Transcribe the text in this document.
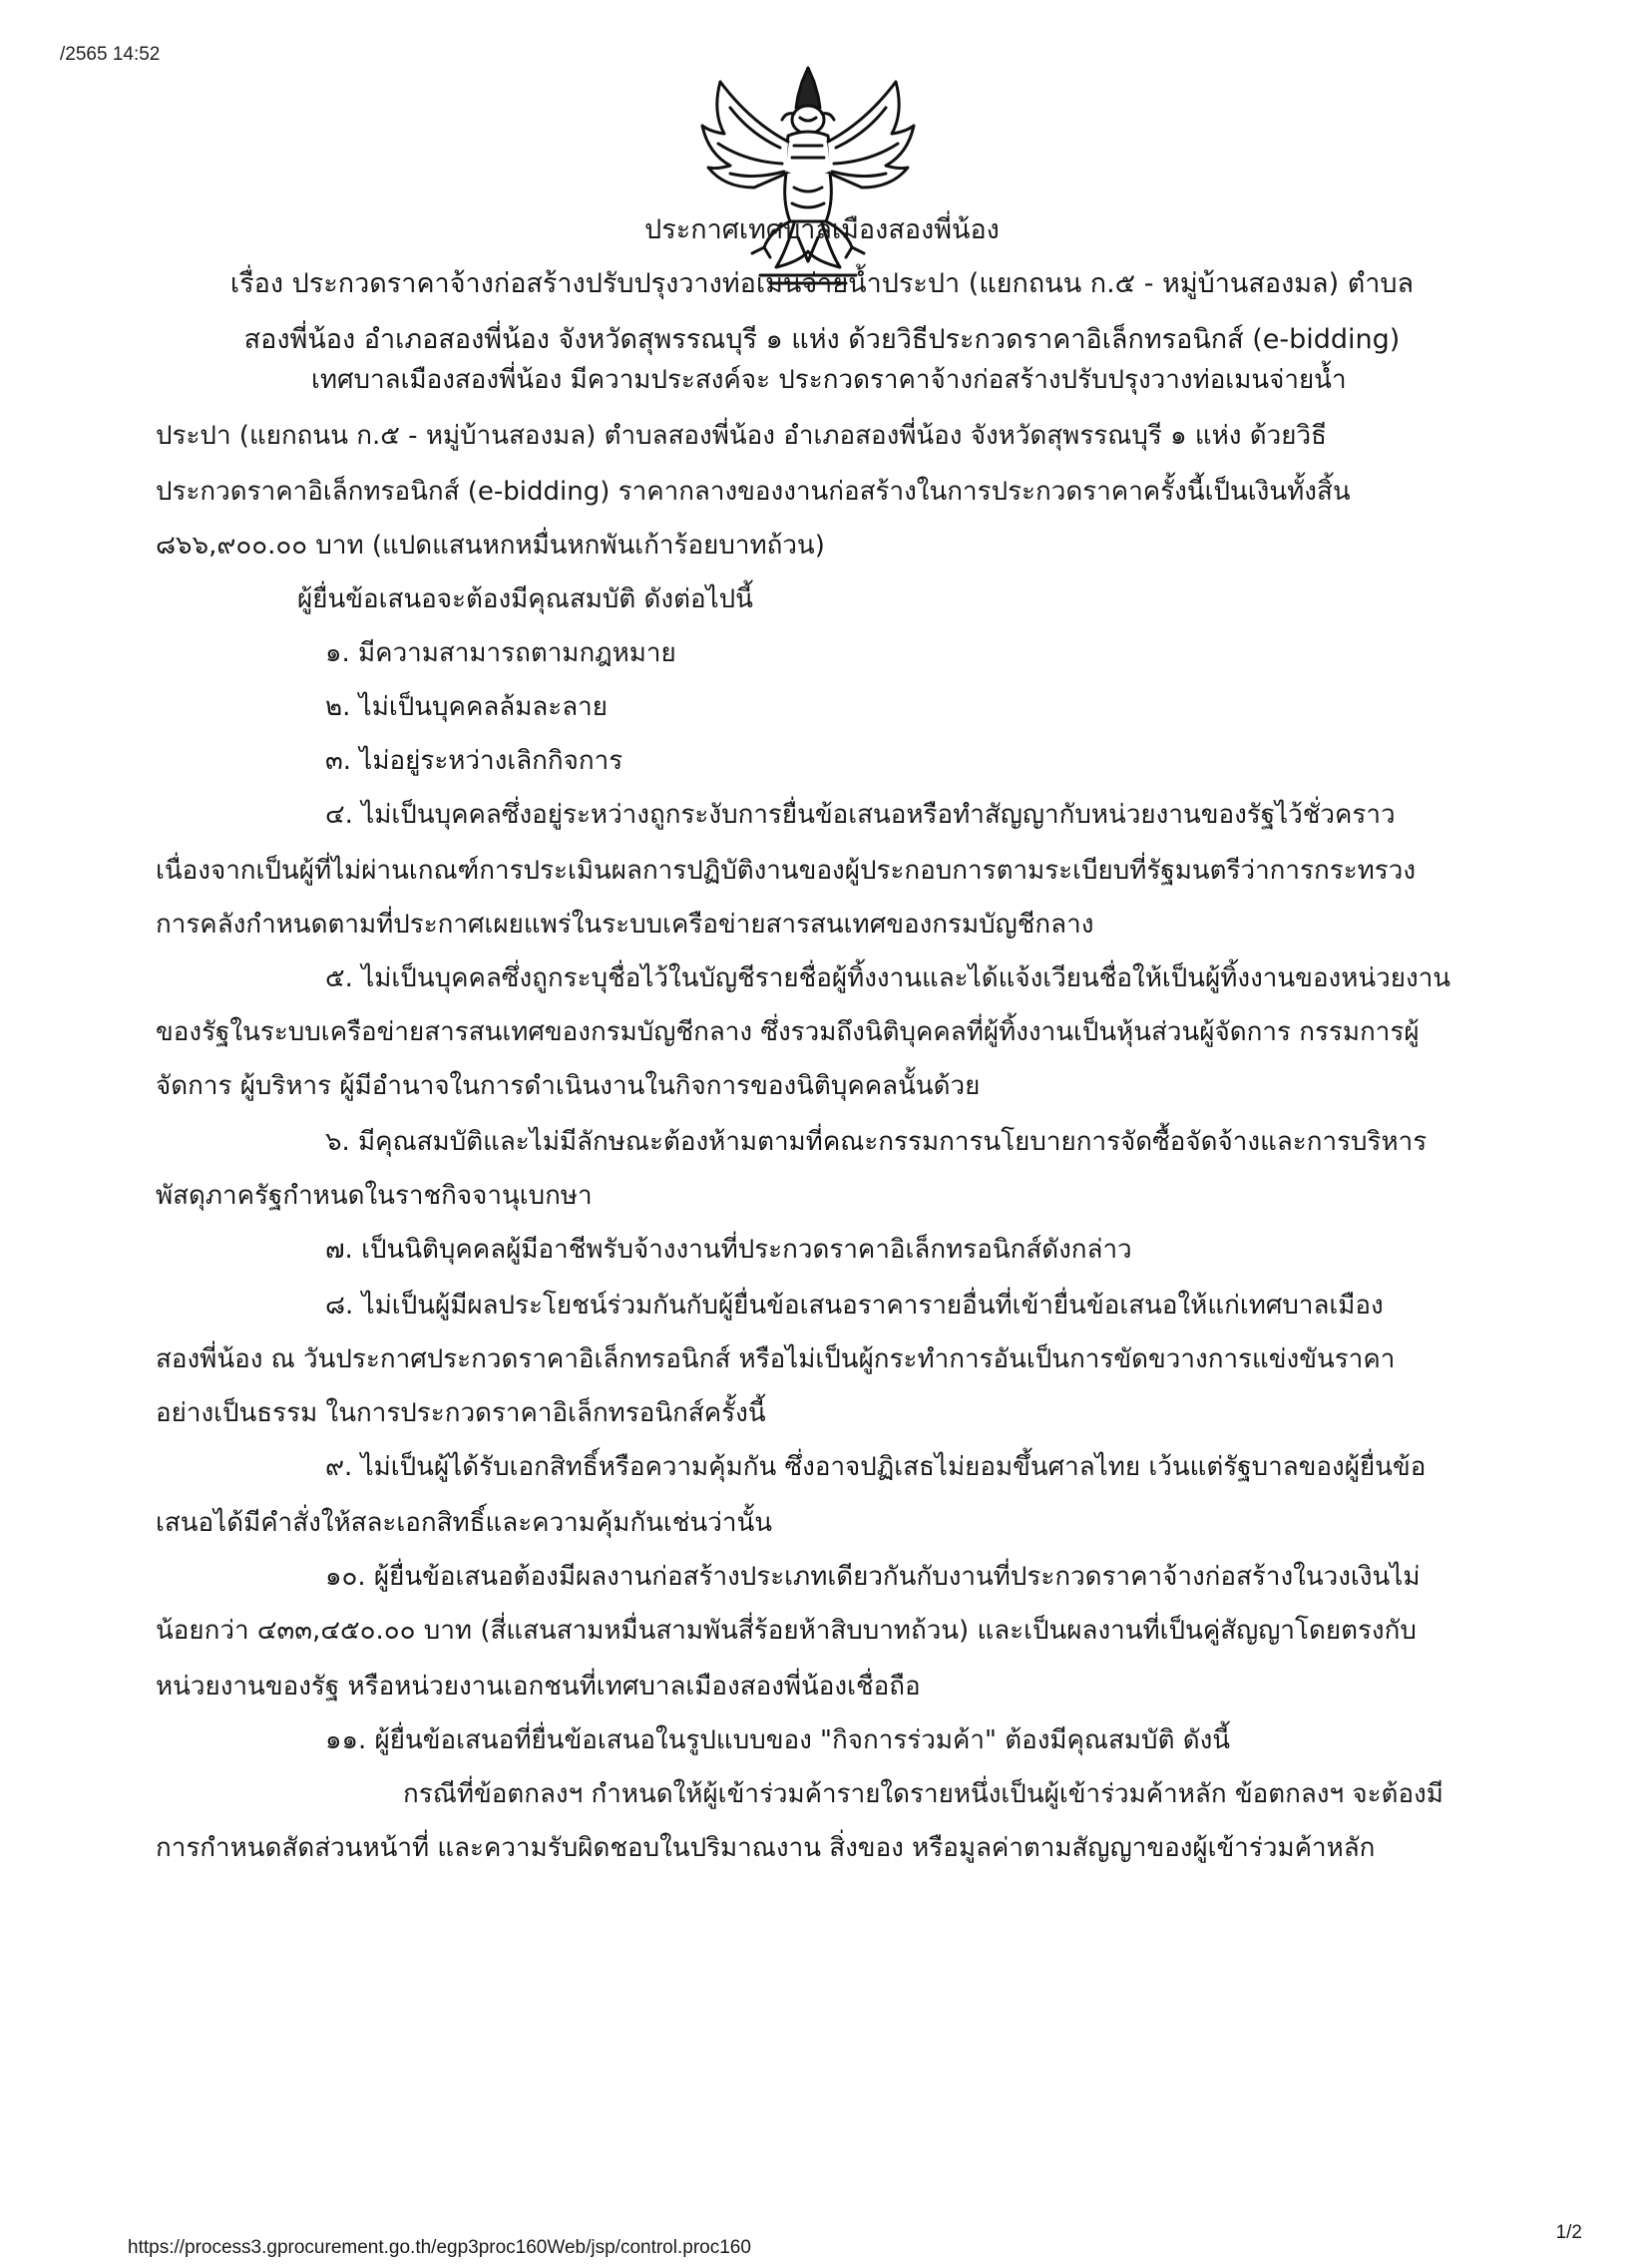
/2565 14:52
ประกาศเทศบาลเมืองสองพี่น้อง
เรื่อง ประกวดราคาจ้างก่อสร้างปรับปรุงวางท่อเมนจ่ายน้ำประปา (แยกถนน ก.๕ - หมู่บ้านสองมล) ตำบล
สองพี่น้อง อำเภอสองพี่น้อง จังหวัดสุพรรณบุรี ๑ แห่ง ด้วยวิธีประกวดราคาอิเล็กทรอนิกส์ (e-bidding)
เทศบาลเมืองสองพี่น้อง มีความประสงค์จะ ประกวดราคาจ้างก่อสร้างปรับปรุงวางท่อเมนจ่ายน้ำ
ประปา (แยกถนน ก.๕ - หมู่บ้านสองมล) ตำบลสองพี่น้อง อำเภอสองพี่น้อง จังหวัดสุพรรณบุรี ๑ แห่ง ด้วยวิธี
ประกวดราคาอิเล็กทรอนิกส์ (e-bidding) ราคากลางของงานก่อสร้างในการประกวดราคาครั้งนี้เป็นเงินทั้งสิ้น
๘๖๖,๙๐๐.๐๐ บาท (แปดแสนหกหมื่นหกพันเก้าร้อยบาทถ้วน)
ผู้ยื่นข้อเสนอจะต้องมีคุณสมบัติ ดังต่อไปนี้
๑. มีความสามารถตามกฎหมาย
๒. ไม่เป็นบุคคลล้มละลาย
๓. ไม่อยู่ระหว่างเลิกกิจการ
๔. ไม่เป็นบุคคลซึ่งอยู่ระหว่างถูกระงับการยื่นข้อเสนอหรือทำสัญญากับหน่วยงานของรัฐไว้ชั่วคราว
เนื่องจากเป็นผู้ที่ไม่ผ่านเกณฑ์การประเมินผลการปฏิบัติงานของผู้ประกอบการตามระเบียบที่รัฐมนตรีว่าการกระทรวง
การคลังกำหนดตามที่ประกาศเผยแพร่ในระบบเครือข่ายสารสนเทศของกรมบัญชีกลาง
๕. ไม่เป็นบุคคลซึ่งถูกระบุชื่อไว้ในบัญชีรายชื่อผู้ทิ้งงานและได้แจ้งเวียนชื่อให้เป็นผู้ทิ้งงานของหน่วยงาน
ของรัฐในระบบเครือข่ายสารสนเทศของกรมบัญชีกลาง ซึ่งรวมถึงนิติบุคคลที่ผู้ทิ้งงานเป็นหุ้นส่วนผู้จัดการ กรรมการผู้
จัดการ ผู้บริหาร ผู้มีอำนาจในการดำเนินงานในกิจการของนิติบุคคลนั้นด้วย
๖. มีคุณสมบัติและไม่มีลักษณะต้องห้ามตามที่คณะกรรมการนโยบายการจัดซื้อจัดจ้างและการบริหาร
พัสดุภาครัฐกำหนดในราชกิจจานุเบกษา
๗. เป็นนิติบุคคลผู้มีอาชีพรับจ้างงานที่ประกวดราคาอิเล็กทรอนิกส์ดังกล่าว
๘. ไม่เป็นผู้มีผลประโยชน์ร่วมกันกับผู้ยื่นข้อเสนอราคารายอื่นที่เข้ายื่นข้อเสนอให้แก่เทศบาลเมือง
สองพี่น้อง ณ วันประกาศประกวดราคาอิเล็กทรอนิกส์ หรือไม่เป็นผู้กระทำการอันเป็นการขัดขวางการแข่งขันราคา
อย่างเป็นธรรม ในการประกวดราคาอิเล็กทรอนิกส์ครั้งนี้
๙. ไม่เป็นผู้ได้รับเอกสิทธิ์หรือความคุ้มกัน ซึ่งอาจปฏิเสธไม่ยอมขึ้นศาลไทย เว้นแต่รัฐบาลของผู้ยื่นข้อ
เสนอได้มีคำสั่งให้สละเอกสิทธิ์และความคุ้มกันเช่นว่านั้น
๑๐. ผู้ยื่นข้อเสนอต้องมีผลงานก่อสร้างประเภทเดียวกันกับงานที่ประกวดราคาจ้างก่อสร้างในวงเงินไม่
น้อยกว่า ๔๓๓,๔๕๐.๐๐ บาท (สี่แสนสามหมื่นสามพันสี่ร้อยห้าสิบบาทถ้วน) และเป็นผลงานที่เป็นคู่สัญญาโดยตรงกับ
หน่วยงานของรัฐ หรือหน่วยงานเอกชนที่เทศบาลเมืองสองพี่น้องเชื่อถือ
๑๑. ผู้ยื่นข้อเสนอที่ยื่นข้อเสนอในรูปแบบของ "กิจการร่วมค้า" ต้องมีคุณสมบัติ ดังนี้
กรณีที่ข้อตกลงฯ กำหนดให้ผู้เข้าร่วมค้ารายใดรายหนึ่งเป็นผู้เข้าร่วมค้าหลัก ข้อตกลงฯ จะต้องมี
การกำหนดสัดส่วนหน้าที่ และความรับผิดชอบในปริมาณงาน สิ่งของ หรือมูลค่าตามสัญญาของผู้เข้าร่วมค้าหลัก
1/2
https://process3.gprocurement.go.th/egp3proc160Web/jsp/control.proc160
